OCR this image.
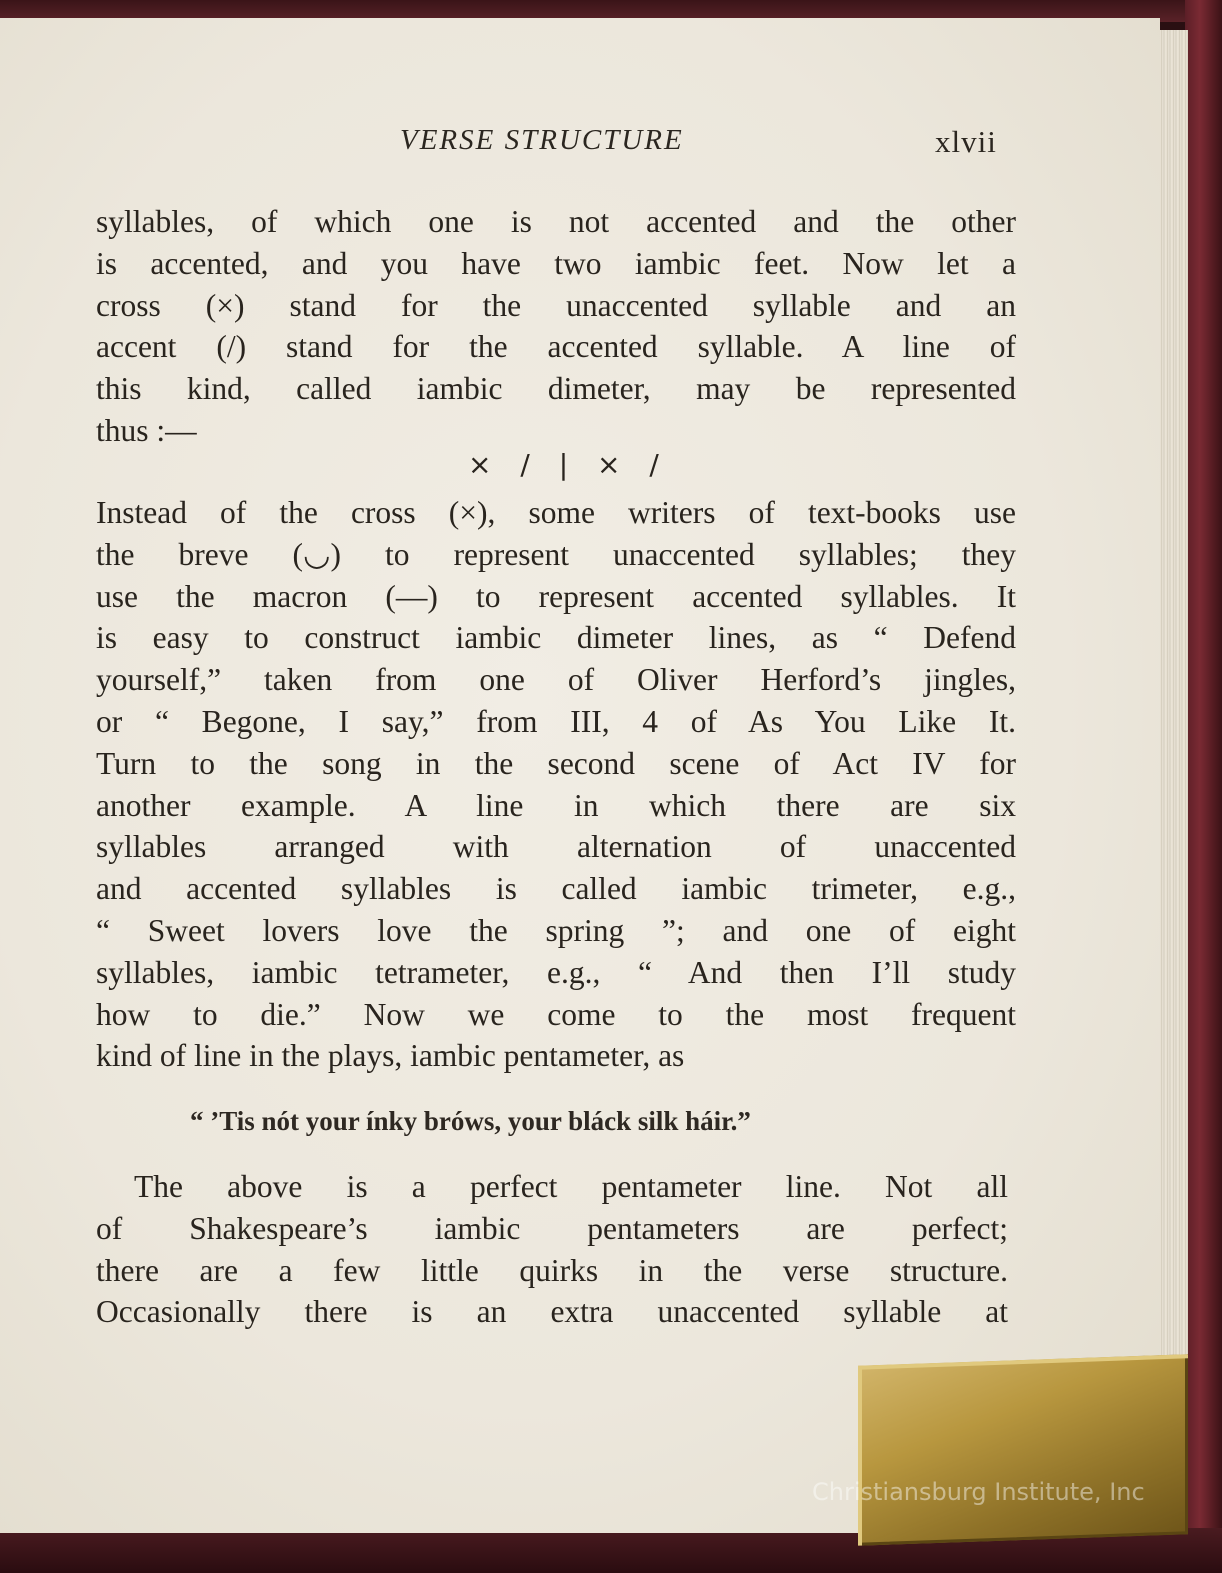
VERSE STRUCTURE	xlvii
syllables, of which one is not accented and the other
is accented, and you have two iambic feet. Now let a
cross (×) stand for the unaccented syllable and an
accent (/) stand for the accented syllable. A line of
this kind, called iambic dimeter, may be represented
thus :—
× / | × /
Instead of the cross (×), some writers of text-books use
the breve (◡) to represent unaccented syllables; they
use the macron (—) to represent accented syllables. It
is easy to construct iambic dimeter lines, as “ Defend
yourself,” taken from one of Oliver Herford’s jingles,
or “ Begone, I say,” from III, 4 of As You Like It.
Turn to the song in the second scene of Act IV for
another example. A line in which there are six
syllables arranged with alternation of unaccented
and accented syllables is called iambic trimeter, e.g.,
“ Sweet lovers love the spring ”; and one of eight
syllables, iambic tetrameter, e.g., “ And then I’ll study
how to die.” Now we come to the most frequent
kind of line in the plays, iambic pentameter, as
“ ’Tis nót your ínky bróws, your bláck silk háir.”
The above is a perfect pentameter line. Not all
of Shakespeare’s iambic pentameters are perfect;
there are a few little quirks in the verse structure.
Occasionally there is an extra unaccented syllable at
Christiansburg Institute, Inc
